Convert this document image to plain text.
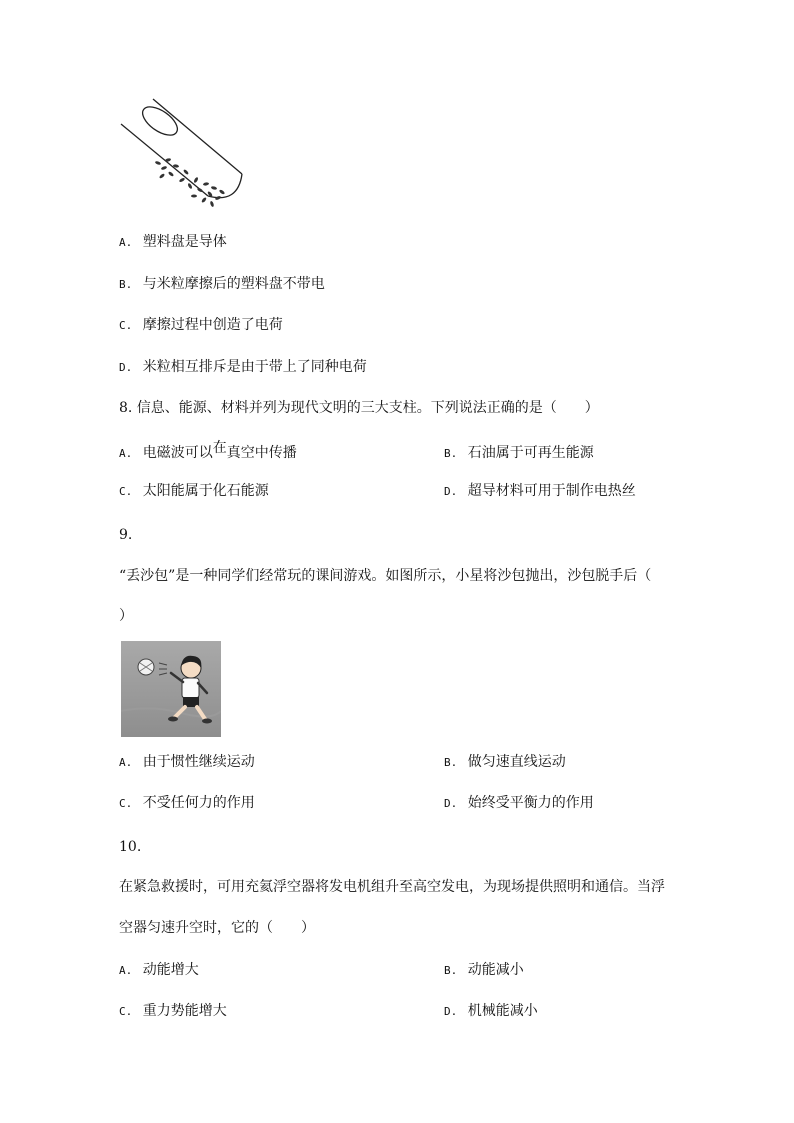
A. 塑料盘是导体
B. 与米粒摩擦后的塑料盘不带电
C. 摩擦过程中创造了电荷
D. 米粒相互排斥是由于带上了同种电荷
8. 信息、能源、材料并列为现代文明的三大支柱。下列说法正确的是（　　）
A. 电磁波可以在真空中传播	B. 石油属于可再生能源
C. 太阳能属于化石能源	D. 超导材料可用于制作电热丝
9.
“丢沙包”是一种同学们经常玩的课间游戏。如图所示，小星将沙包抛出，沙包脱手后（
）
A. 由于惯性继续运动	B. 做匀速直线运动
C. 不受任何力的作用	D. 始终受平衡力的作用
10.
在紧急救援时，可用充氦浮空器将发电机组升至高空发电，为现场提供照明和通信。当浮
空器匀速升空时，它的（　　）
A. 动能增大	B. 动能减小
C. 重力势能增大	D. 机械能减小
